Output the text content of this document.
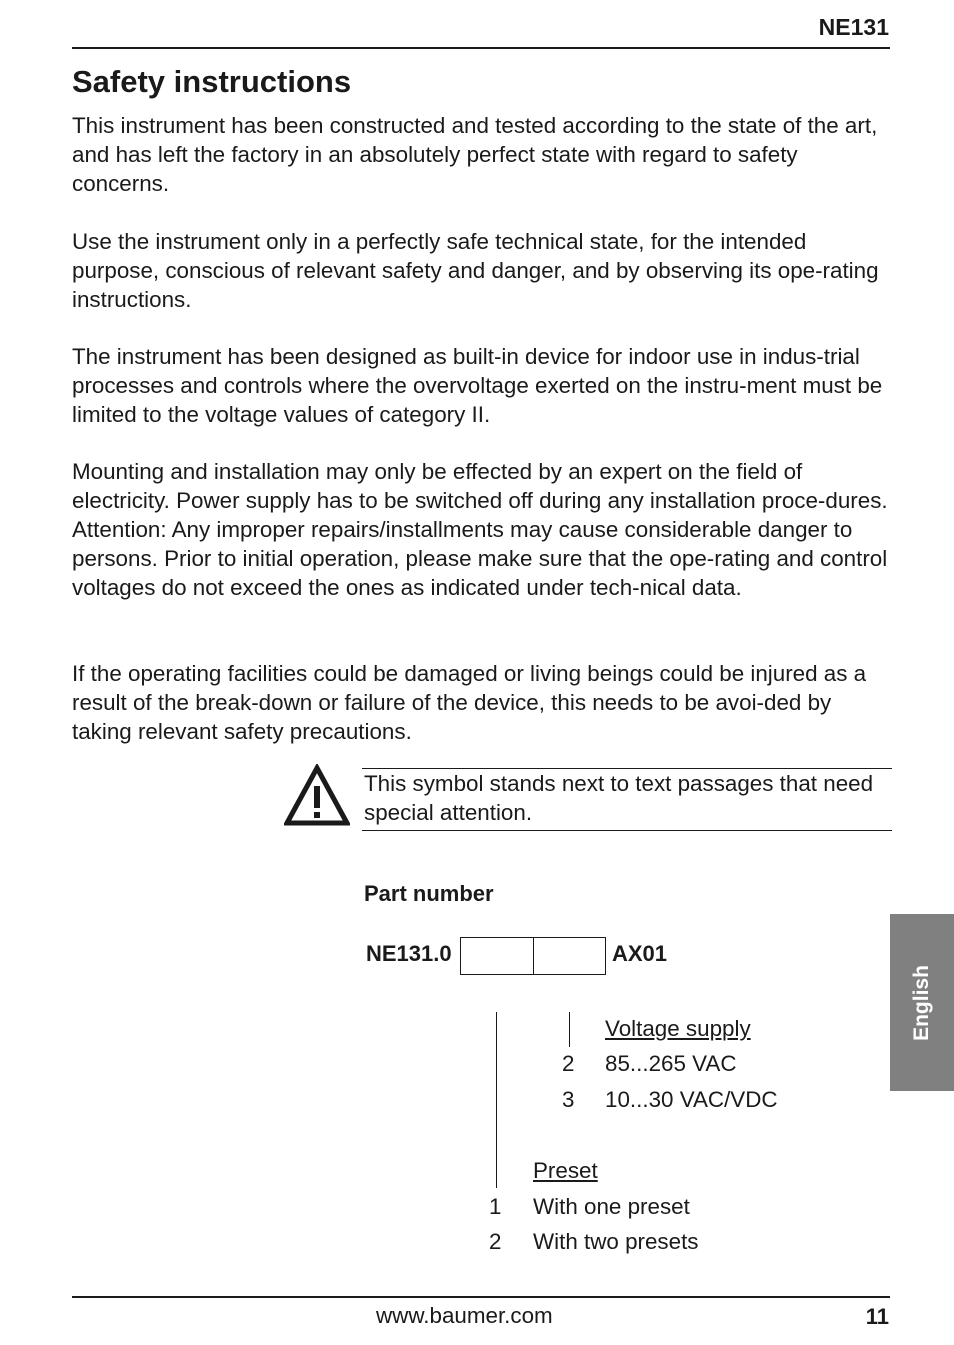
NE131
Safety instructions

This instrument has been constructed and tested according to the state of the art, and has left the factory in an absolutely perfect state with regard to safety concerns.

Use the instrument only in a perfectly safe technical state, for the intended purpose, conscious of relevant safety and danger, and by observing its ope-rating instructions.

The instrument has been designed as built-in device for indoor use in indus-trial processes and controls where the overvoltage exerted on the instru-ment must be limited to the voltage values of category II.

Mounting and installation may only be effected by an expert on the field of electricity. Power supply has to be switched off during any installation proce-dures. Attention: Any improper repairs/installments may cause considerable danger to persons. Prior to initial operation, please make sure that the ope-rating and control voltages do not exceed the ones as indicated under tech-nical data.

If the operating facilities could be damaged or living beings could be injured as a result of the break-down or failure of the device, this needs to be avoi-ded by taking relevant safety precautions.

This symbol stands next to text passages that need special attention.
Part number
NE131.0	AX01
Voltage supply
2 85...265 VAC
3 10...30 VAC/VDC
Preset
1 With one preset
2 With two presets
English
www.baumer.com	11
